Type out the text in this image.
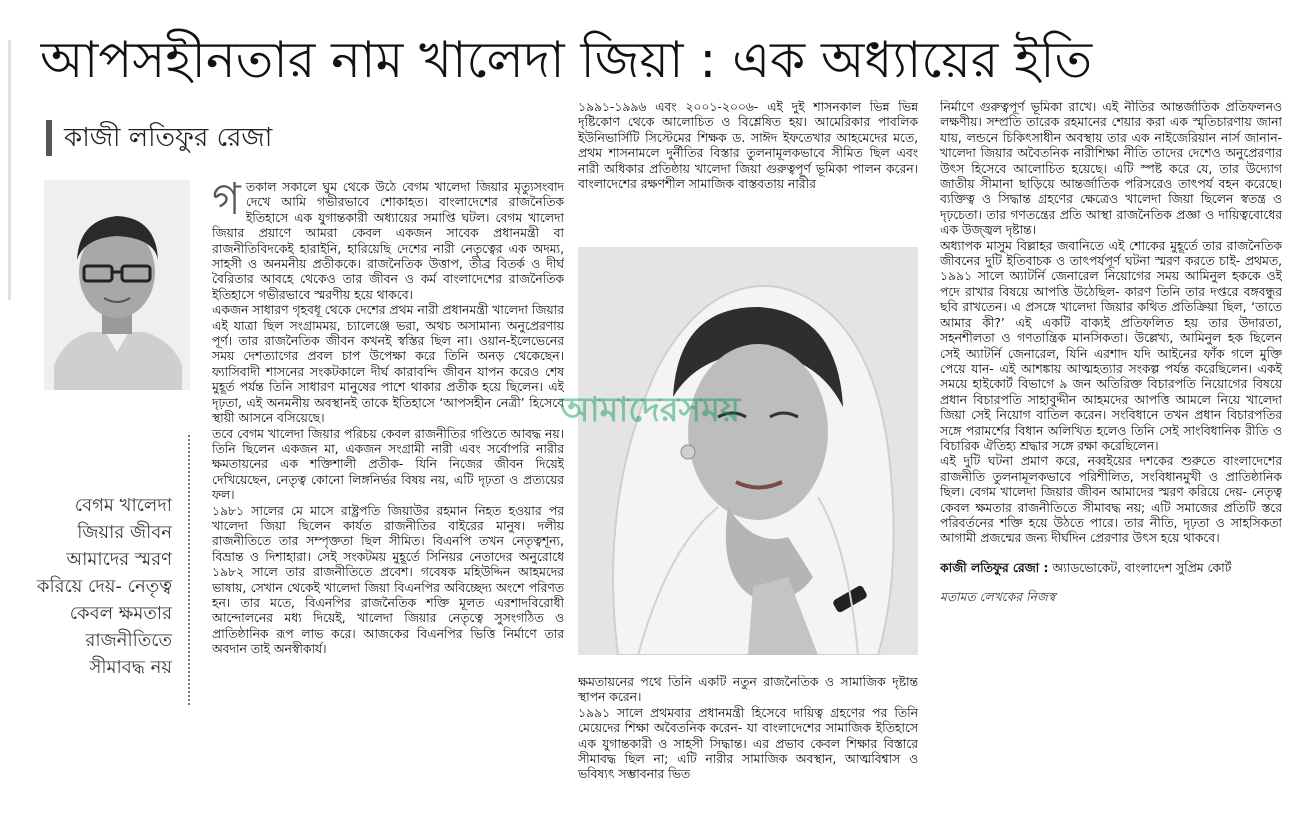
আপসহীনতার নাম খালেদা জিয়া : এক অধ্যায়ের ইতি
কাজী লতিফুর রেজা
গ তকাল সকালে ঘুম থেকে উঠে বেগম খালেদা জিয়ার মৃত্যুসংবাদ দেখে আমি গভীরভাবে শোকাহত। বাংলাদেশের রাজনৈতিক ইতিহাসে এক যুগান্তকারী অধ্যায়ের সমাপ্তি ঘটল। বেগম খালেদা জিয়ার প্রয়াণে আমরা কেবল একজন সাবেক প্রধানমন্ত্রী বা রাজনীতিবিদকেই হারাইনি, হারিয়েছি দেশের নারী নেতৃত্বের এক অদম্য, সাহসী ও অনমনীয় প্রতীককে। রাজনৈতিক উত্তাপ, তীব্র বিতর্ক ও দীর্ঘ বৈরিতার আবহে থেকেও তার জীবন ও কর্ম বাংলাদেশের রাজনৈতিক ইতিহাসে গভীরভাবে স্মরণীয় হয়ে থাকবে।

একজন সাধারণ গৃহবধূ থেকে দেশের প্রথম নারী প্রধানমন্ত্রী খালেদা জিয়ার এই যাত্রা ছিল সংগ্রামময়, চ্যালেঞ্জে ভরা, অথচ অসামান্য অনুপ্রেরণায় পূর্ণ। তার রাজনৈতিক জীবন কখনই স্বস্তির ছিল না। ওয়ান-ইলেভেনের সময় দেশত্যাগের প্রবল চাপ উপেক্ষা করে তিনি অনড় থেকেছেন। ফ্যাসিবাদী শাসনের সংকটকালে দীর্ঘ কারাবন্দি জীবন যাপন করেও শেষ মুহূর্ত পর্যন্ত তিনি সাধারণ মানুষের পাশে থাকার প্রতীক হয়ে ছিলেন। এই দৃঢ়তা, এই অনমনীয় অবস্থানই তাকে ইতিহাসে ‘আপসহীন নেত্রী’ হিসেবে স্থায়ী আসনে বসিয়েছে।

তবে বেগম খালেদা জিয়ার পরিচয় কেবল রাজনীতির গণ্ডিতে আবদ্ধ নয়। তিনি ছিলেন একজন মা, একজন সংগ্রামী নারী এবং সর্বোপরি নারীর ক্ষমতায়নের এক শক্তিশালী প্রতীক- যিনি নিজের জীবন দিয়েই দেখিয়েছেন, নেতৃত্ব কোনো লিঙ্গনির্ভর বিষয় নয়, এটি দৃঢ়তা ও প্রত্যয়ের ফল।

১৯৮১ সালের মে মাসে রাষ্ট্রপতি জিয়াউর রহমান নিহত হওয়ার পর খালেদা জিয়া ছিলেন কার্যত রাজনীতির বাইরের মানুষ। দলীয় রাজনীতিতে তার সম্পৃক্ততা ছিল সীমিত। বিএনপি তখন নেতৃত্বশূন্য, বিভ্রান্ত ও দিশাহারা। সেই সংকটময় মুহূর্তে সিনিয়র নেতাদের অনুরোধে ১৯৮২ সালে তার রাজনীতিতে প্রবেশ। গবেষক মহিউদ্দিন আহমদের ভাষায়, সেখান থেকেই খালেদা জিয়া বিএনপির অবিচ্ছেদ্য অংশে পরিণত হন। তার মতে, বিএনপির রাজনৈতিক শক্তি মূলত এরশাদবিরোধী আন্দোলনের মধ্য দিয়েই, খালেদা জিয়ার নেতৃত্বে সুসংগঠিত ও প্রাতিষ্ঠানিক রূপ লাভ করে। আজকের বিএনপির ভিত্তি নির্মাণে তার অবদান তাই অনস্বীকার্য।

বেগম খালেদা জিয়ার জীবন আমাদের স্মরণ করিয়ে দেয়- নেতৃত্ব কেবল ক্ষমতার রাজনীতিতে সীমাবদ্ধ নয়

১৯৯১-১৯৯৬ এবং ২০০১-২০০৬- এই দুই শাসনকাল ভিন্ন ভিন্ন দৃষ্টিকোণ থেকে আলোচিত ও বিশ্লেষিত হয়। আমেরিকার পাবলিক ইউনিভার্সিটি সিস্টেমের শিক্ষক ড. সাঈদ ইফতেখার আহমেদের মতে, প্রথম শাসনামলে দুর্নীতির বিস্তার তুলনামূলকভাবে সীমিত ছিল এবং নারী অধিকার প্রতিষ্ঠায় খালেদা জিয়া গুরুত্বপূর্ণ ভূমিকা পালন করেন। বাংলাদেশের রক্ষণশীল সামাজিক বাস্তবতায় নারীর

আমাদেরসময়

ক্ষমতায়নের পথে তিনি একটি নতুন রাজনৈতিক ও সামাজিক দৃষ্টান্ত স্থাপন করেন।

১৯৯১ সালে প্রথমবার প্রধানমন্ত্রী হিসেবে দায়িত্ব গ্রহণের পর তিনি মেয়েদের শিক্ষা অবৈতনিক করেন- যা বাংলাদেশের সামাজিক ইতিহাসে এক যুগান্তকারী ও সাহসী সিদ্ধান্ত। এর প্রভাব কেবল শিক্ষার বিস্তারে সীমাবদ্ধ ছিল না; এটি নারীর সামাজিক অবস্থান, আত্মবিশ্বাস ও ভবিষ্যৎ সম্ভাবনার ভিত

নির্মাণে গুরুত্বপূর্ণ ভূমিকা রাখে। এই নীতির আন্তর্জাতিক প্রতিফলনও লক্ষণীয়। সম্প্রতি তারেক রহমানের শেয়ার করা এক স্মৃতিচারণায় জানা যায়, লন্ডনে চিকিৎসাধীন অবস্থায় তার এক নাইজেরিয়ান নার্স জানান- খালেদা জিয়ার অবৈতনিক নারীশিক্ষা নীতি তাদের দেশেও অনুপ্রেরণার উৎস হিসেবে আলোচিত হয়েছে। এটি স্পষ্ট করে যে, তার উদ্যোগ জাতীয় সীমানা ছাড়িয়ে আন্তর্জাতিক পরিসরেও তাৎপর্য বহন করেছে। ব্যক্তিত্ব ও সিদ্ধান্ত গ্রহণের ক্ষেত্রেও খালেদা জিয়া ছিলেন স্বতন্ত্র ও দৃঢ়চেতা। তার গণতন্ত্রের প্রতি আস্থা রাজনৈতিক প্রজ্ঞা ও দায়িত্ববোধের এক উজ্জ্বল দৃষ্টান্ত।

অধ্যাপক মাসুম বিল্লাহর জবানিতে এই শোকের মুহূর্তে তার রাজনৈতিক জীবনের দুটি ইতিবাচক ও তাৎপর্যপূর্ণ ঘটনা স্মরণ করতে চাই- প্রথমত, ১৯৯১ সালে অ্যাটর্নি জেনারেল নিয়োগের সময় আমিনুল হককে ওই পদে রাখার বিষয়ে আপত্তি উঠেছিল- কারণ তিনি তার দপ্তরে বঙ্গবন্ধুর ছবি রাখতেন। এ প্রসঙ্গে খালেদা জিয়ার কথিত প্রতিক্রিয়া ছিল, ‘তাতে আমার কী?’ এই একটি বাক্যই প্রতিফলিত হয় তার উদারতা, সহনশীলতা ও গণতান্ত্রিক মানসিকতা। উল্লেখ্য, আমিনুল হক ছিলেন সেই অ্যাটর্নি জেনারেল, যিনি এরশাদ যদি আইনের ফাঁক গলে মুক্তি পেয়ে যান- এই আশঙ্কায় আত্মহত্যার সংকল্প পর্যন্ত করেছিলেন। একই সময়ে হাইকোর্ট বিভাগে ৯ জন অতিরিক্ত বিচারপতি নিয়োগের বিষয়ে প্রধান বিচারপতি সাহাবুদ্দীন আহমদের আপত্তি আমলে নিয়ে খালেদা জিয়া সেই নিয়োগ বাতিল করেন। সংবিধানে তখন প্রধান বিচারপতির সঙ্গে পরামর্শের বিধান অলিখিত হলেও তিনি সেই সাংবিধানিক রীতি ও বিচারিক ঐতিহ্য শ্রদ্ধার সঙ্গে রক্ষা করেছিলেন।

এই দুটি ঘটনা প্রমাণ করে, নব্বইয়ের দশকের শুরুতে বাংলাদেশের রাজনীতি তুলনামূলকভাবে পরিশীলিত, সংবিধানমুখী ও প্রাতিষ্ঠানিক ছিল। বেগম খালেদা জিয়ার জীবন আমাদের স্মরণ করিয়ে দেয়- নেতৃত্ব কেবল ক্ষমতার রাজনীতিতে সীমাবদ্ধ নয়; এটি সমাজের প্রতিটি স্তরে পরিবর্তনের শক্তি হয়ে উঠতে পারে। তার নীতি, দৃঢ়তা ও সাহসিকতা আগামী প্রজন্মের জন্য দীর্ঘদিন প্রেরণার উৎস হয়ে থাকবে।

কাজী লতিফুর রেজা : অ্যাডভোকেট, বাংলাদেশ সুপ্রিম কোর্ট

মতামত লেখকের নিজস্ব
